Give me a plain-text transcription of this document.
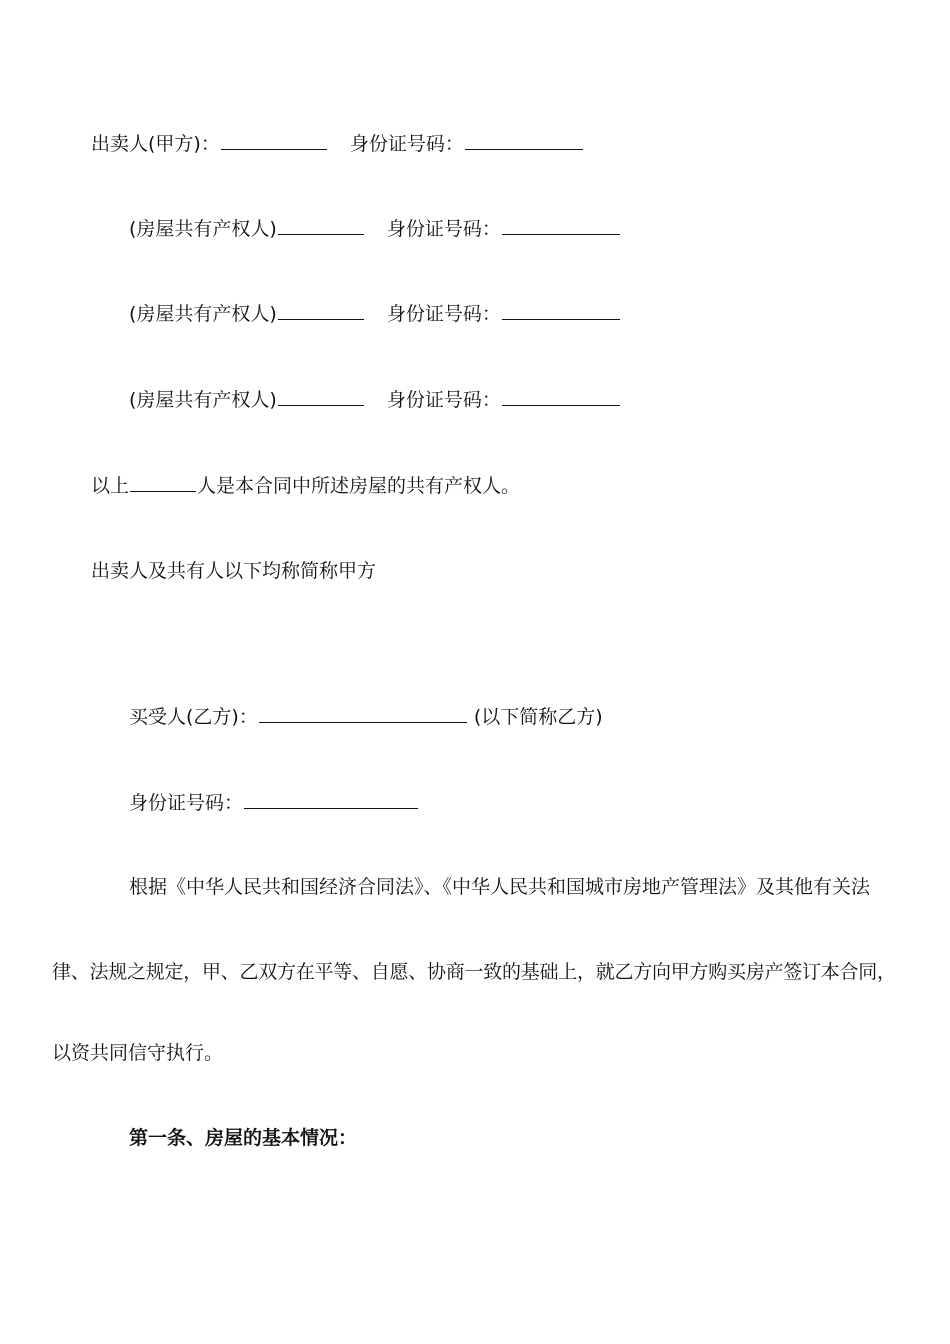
出卖人(甲方)：	身份证号码：
(房屋共有产权人)	身份证号码：
(房屋共有产权人)	身份证号码：
(房屋共有产权人)	身份证号码：
以上	人是本合同中所述房屋的共有产权人。
出卖人及共有人以下均称简称甲方
买受人(乙方)：	(以下简称乙方)
身份证号码：
根据《中华人民共和国经济合同法》、《中华人民共和国城市房地产管理法》及其他有关法
律、法规之规定，甲、乙双方在平等、自愿、协商一致的基础上，就乙方向甲方购买房产签订本合同，
以资共同信守执行。
第一条、房屋的基本情况：
